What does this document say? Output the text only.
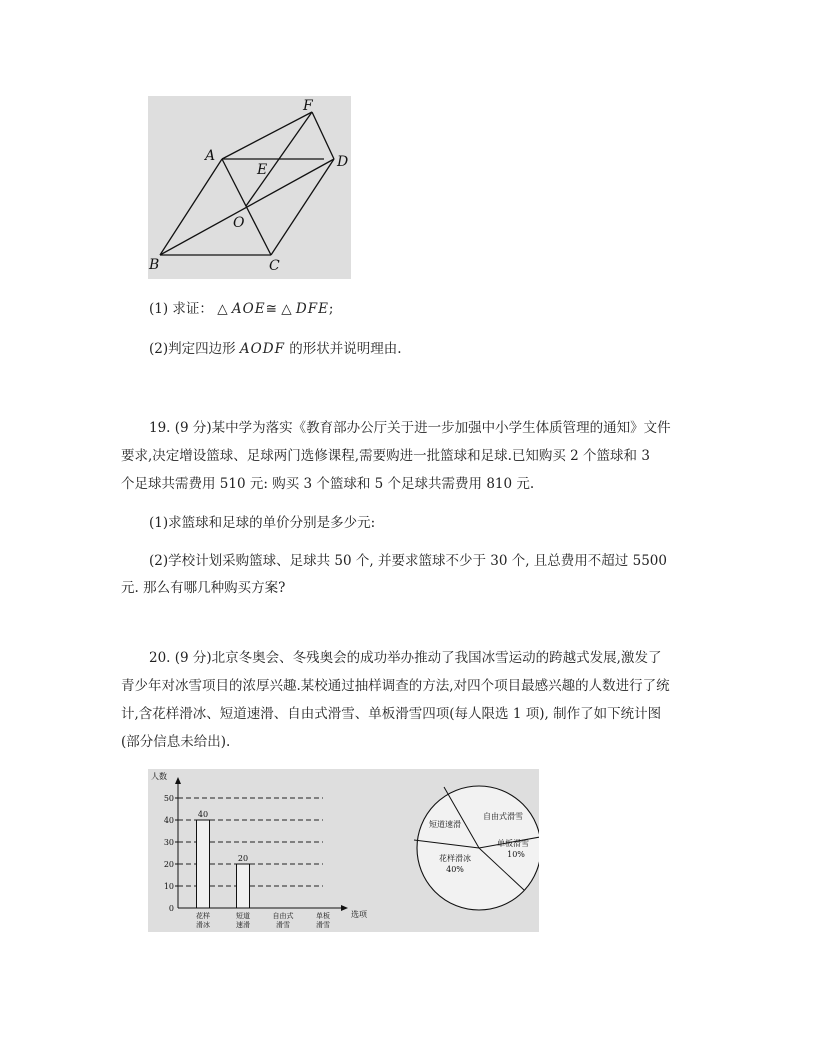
F
A
E	D
O
B	C
(1) 求证： △ AOE≅ △ DFE;
(2)判定四边形 AODF 的形状并说明理由.
19. (9 分)某中学为落实《教育部办公厅关于进一步加强中小学生体质管理的通知》文件
要求,决定增设篮球、足球两门选修课程,需要购进一批篮球和足球.已知购买 2 个篮球和 3
个足球共需费用 510 元: 购买 3 个篮球和 5 个足球共需费用 810 元.
(1)求篮球和足球的单价分别是多少元:
(2)学校计划采购篮球、足球共 50 个, 并要求篮球不少于 30 个, 且总费用不超过 5500
元. 那么有哪几种购买方案?
20. (9 分)北京冬奥会、冬残奥会的成功举办推动了我国冰雪运动的跨越式发展,激发了
青少年对冰雪项目的浓厚兴趣.某校通过抽样调查的方法,对四个项目最感兴趣的人数进行了统
计,含花样滑冰、短道速滑、自由式滑雪、单板滑雪四项(每人限选 1 项), 制作了如下统计图
(部分信息未给出).
人数
选项
0
10
20
30
40
50
40
花样
滑冰
20
短道
速滑
自由式
滑雪
单板
滑雪
自由式滑雪
短道速滑
单板滑雪
10%
花样滑冰
40%
